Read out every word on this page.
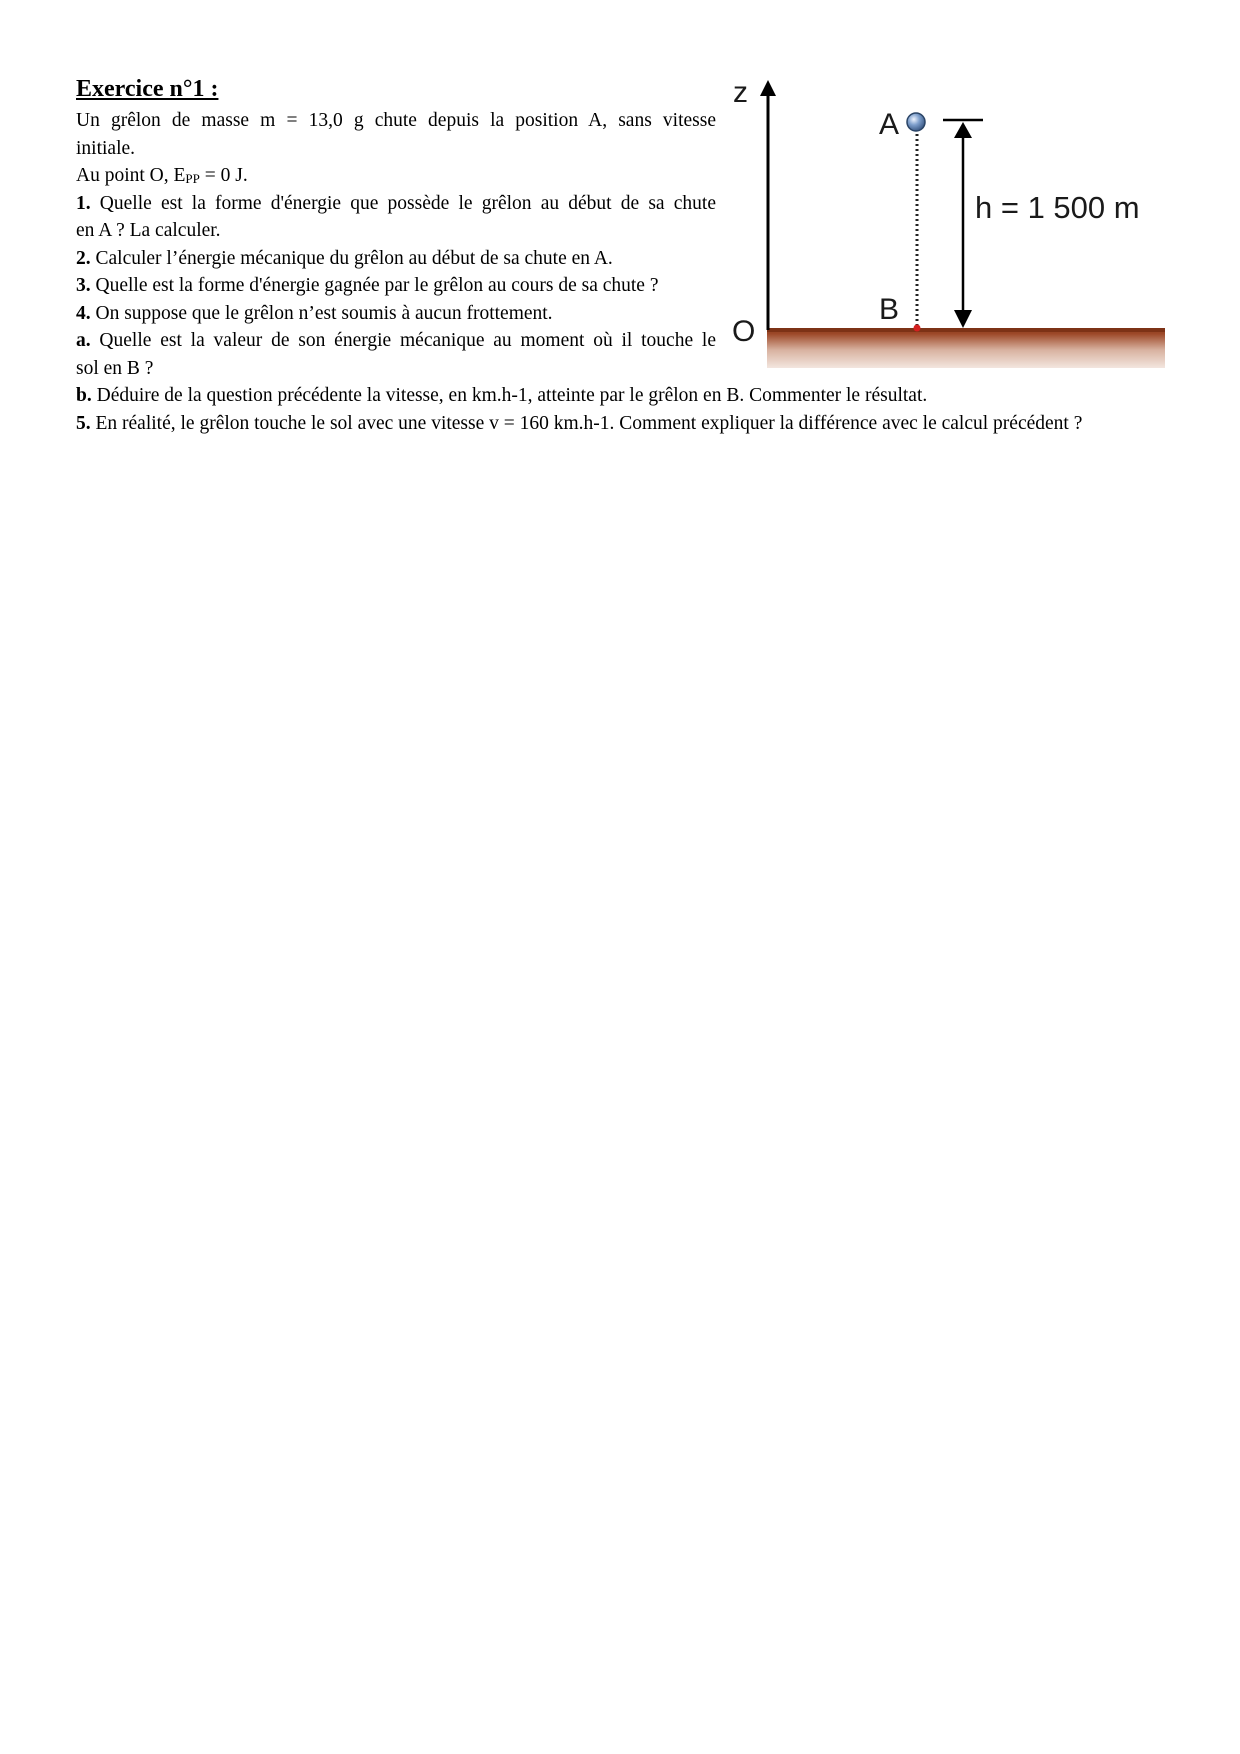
Exercice n°1 :
Un grêlon de masse m = 13,0 g chute depuis la position A, sans vitesse
initiale.
Au point O, $E_{PP} = 0$ J.
1. Quelle est la forme d'énergie que possède le grêlon au début de sa chute
en A ? La calculer.
2. Calculer l’énergie mécanique du grêlon au début de sa chute en A.
3. Quelle est la forme d'énergie gagnée par le grêlon au cours de sa chute ?
4. On suppose que le grêlon n’est soumis à aucun frottement.
a. Quelle est la valeur de son énergie mécanique au moment où il touche le
sol en B ?
b. Déduire de la question précédente la vitesse, en km.h-1, atteinte par le grêlon en B. Commenter le résultat.
5. En réalité, le grêlon touche le sol avec une vitesse v = 160 km.h-1. Comment expliquer la différence avec le calcul précédent ?
z
O
A
B
h = 1 500 m
